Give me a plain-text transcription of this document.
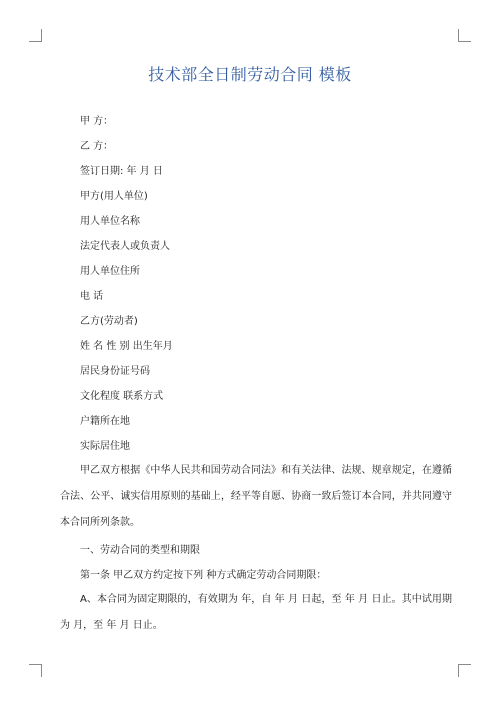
技术部全日制劳动合同 模板
甲 方：
乙 方：
签订日期: 年 月 日
甲方(用人单位)
用人单位名称
法定代表人或负责人
用人单位住所
电 话
乙方(劳动者)
姓 名 性 别 出生年月
居民身份证号码
文化程度 联系方式
户籍所在地
实际居住地
甲乙双方根据《中华人民共和国劳动合同法》和有关法律、法规、规章规定，在遵循合法、公平、诚实信用原则的基础上，经平等自愿、协商一致后签订本合同，并共同遵守本合同所列条款。
一、劳动合同的类型和期限
第一条 甲乙双方约定按下列 种方式确定劳动合同期限：
A、本合同为固定期限的，有效期为 年，自 年 月 日起，至 年 月 日止。其中试用期为 月，至 年 月 日止。
